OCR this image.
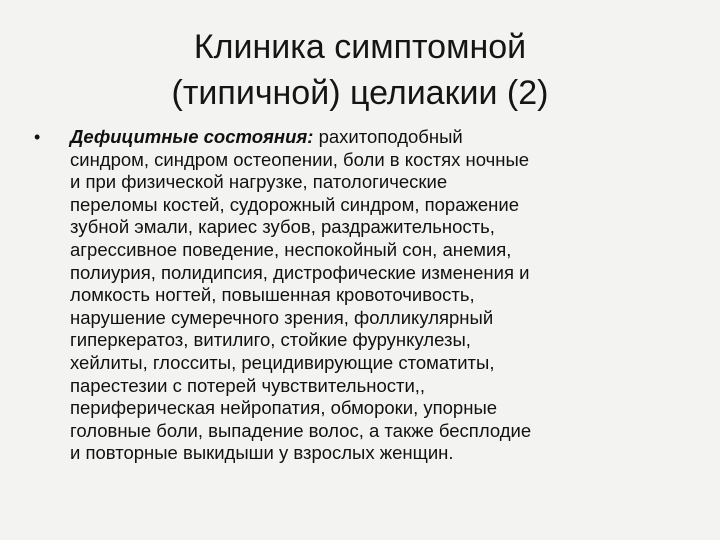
Клиника симптомной
(типичной) целиакии (2)
•	Дефицитные состояния: рахитоподобный
синдром, синдром остеопении, боли в костях ночные
и при физической нагрузке, патологические
переломы костей, судорожный синдром, поражение
зубной эмали, кариес зубов, раздражительность,
агрессивное поведение, неспокойный сон, анемия,
полиурия, полидипсия, дистрофические изменения и
ломкость ногтей, повышенная кровоточивость,
нарушение сумеречного зрения, фолликулярный
гиперкератоз, витилиго, стойкие фурункулезы,
хейлиты, глосситы, рецидивирующие стоматиты,
парестезии с потерей чувствительности,,
периферическая нейропатия, обмороки, упорные
головные боли, выпадение волос, а также бесплодие
и повторные выкидыши у взрослых женщин.
